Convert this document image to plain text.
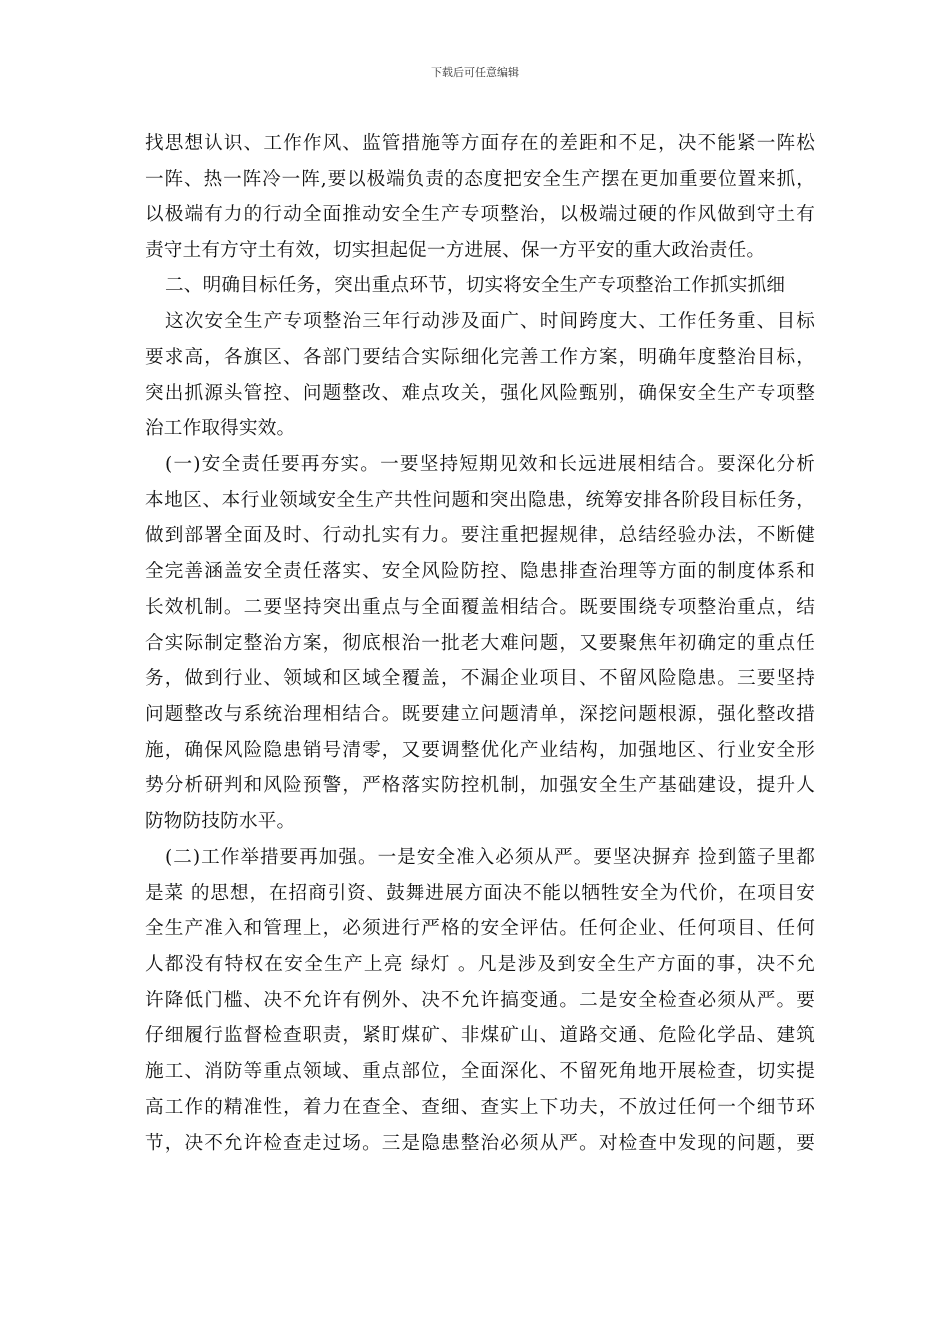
下载后可任意编辑
找思想认识、工作作风、监管措施等方面存在的差距和不足，决不能紧一阵松
一阵、热一阵冷一阵,要以极端负责的态度把安全生产摆在更加重要位置来抓，
以极端有力的行动全面推动安全生产专项整治，以极端过硬的作风做到守土有
责守土有方守土有效，切实担起促一方进展、保一方平安的重大政治责任。
二、明确目标任务，突出重点环节，切实将安全生产专项整治工作抓实抓细
这次安全生产专项整治三年行动涉及面广、时间跨度大、工作任务重、目标
要求高，各旗区、各部门要结合实际细化完善工作方案，明确年度整治目标，
突出抓源头管控、问题整改、难点攻关，强化风险甄别，确保安全生产专项整
治工作取得实效。
(一)安全责任要再夯实。一要坚持短期见效和长远进展相结合。要深化分析
本地区、本行业领域安全生产共性问题和突出隐患，统筹安排各阶段目标任务，
做到部署全面及时、行动扎实有力。要注重把握规律，总结经验办法，不断健
全完善涵盖安全责任落实、安全风险防控、隐患排查治理等方面的制度体系和
长效机制。二要坚持突出重点与全面覆盖相结合。既要围绕专项整治重点，结
合实际制定整治方案，彻底根治一批老大难问题，又要聚焦年初确定的重点任
务，做到行业、领域和区域全覆盖，不漏企业项目、不留风险隐患。三要坚持
问题整改与系统治理相结合。既要建立问题清单，深挖问题根源，强化整改措
施，确保风险隐患销号清零，又要调整优化产业结构，加强地区、行业安全形
势分析研判和风险预警，严格落实防控机制，加强安全生产基础建设，提升人
防物防技防水平。
(二)工作举措要再加强。一是安全准入必须从严。要坚决摒弃 捡到篮子里都
是菜 的思想，在招商引资、鼓舞进展方面决不能以牺牲安全为代价，在项目安
全生产准入和管理上，必须进行严格的安全评估。任何企业、任何项目、任何
人都没有特权在安全生产上亮 绿灯 。凡是涉及到安全生产方面的事，决不允
许降低门槛、决不允许有例外、决不允许搞变通。二是安全检查必须从严。要
仔细履行监督检查职责，紧盯煤矿、非煤矿山、道路交通、危险化学品、建筑
施工、消防等重点领域、重点部位，全面深化、不留死角地开展检查，切实提
高工作的精准性，着力在查全、查细、查实上下功夫，不放过任何一个细节环
节，决不允许检查走过场。三是隐患整治必须从严。对检查中发现的问题，要
